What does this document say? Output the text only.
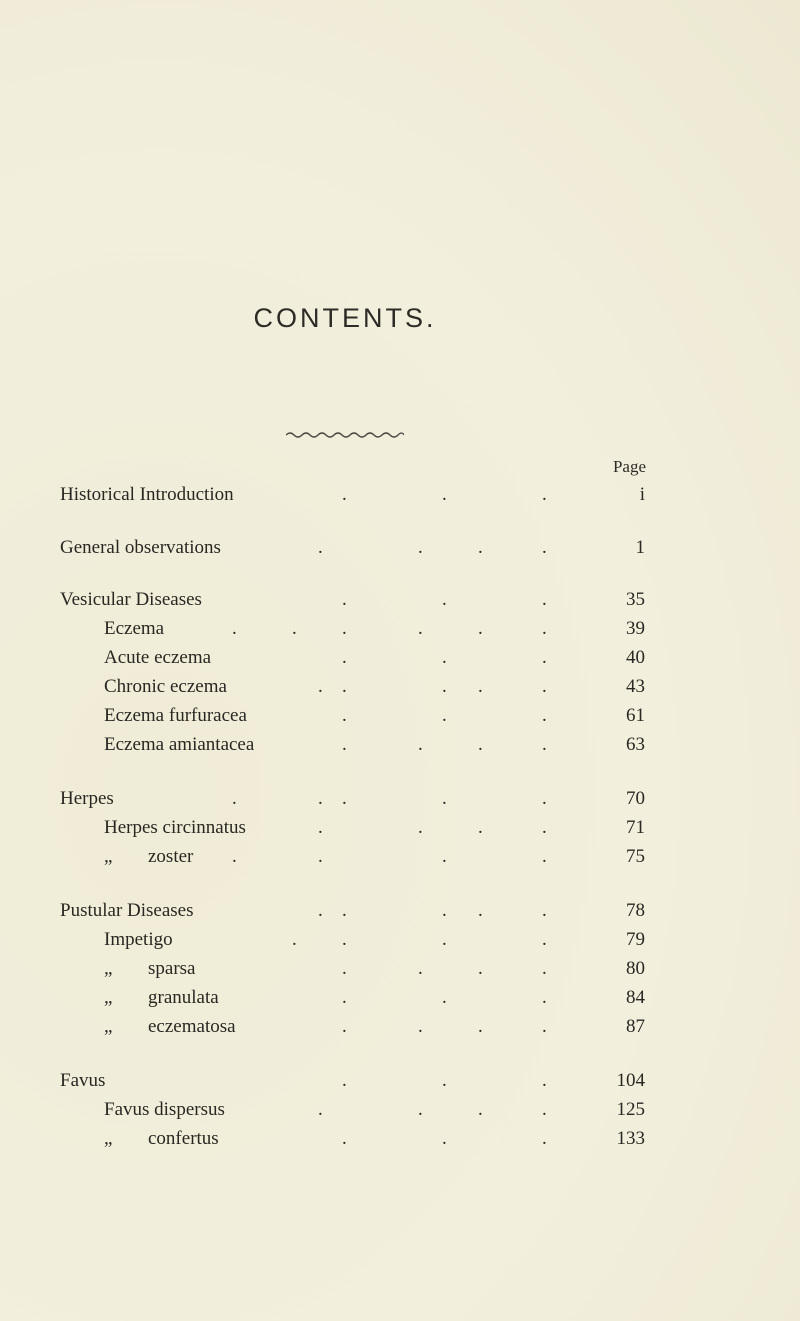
CONTENTS.
Page
Historical Introduction	.	.	.	i
General observations	.	.	.	.	1
Vesicular Diseases	.	.	.	35
Eczema	.	. .	.	.	.	39
Acute eczema	.	.	.	40
Chronic eczema	. .	. .	.	43
Eczema furfuracea	.	.	.	61
Eczema amiantacea	.	.	.	.	63
Herpes	.	. .	.	.	70
Herpes circinnatus	.	.	.	.	71
„ zoster .	.	.	.	75
Pustular Diseases	. .	. .	.	78
Impetigo	. .	.	.	79
„ sparsa	.	.	.	.	80
„ granulata	.	.	.	84
„ eczematosa	.	.	.	.	87
Favus	.	.	.	104
Favus dispersus	.	.	.	.	125
„ confertus	.	.	.	133
